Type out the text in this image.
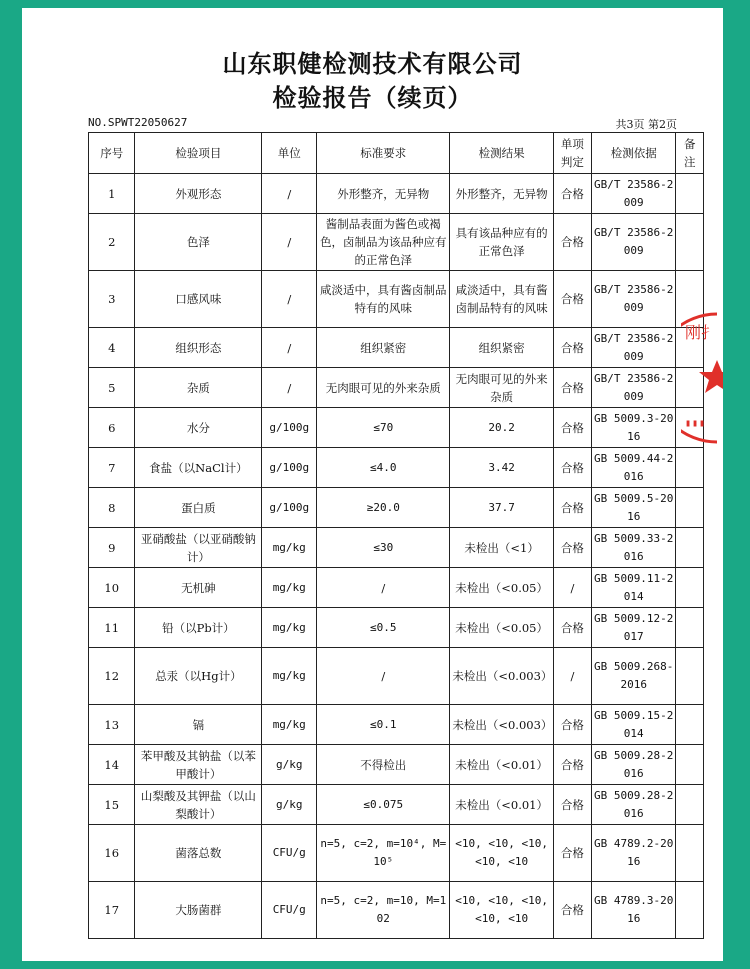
山东职健检测技术有限公司
检验报告（续页）
NO.SPWT22050627	共3页 第2页
序号	检验项目	单位	标准要求	检测结果	单项判定	检测依据	备注
1	外观形态	/	外形整齐，无异物	外形整齐，无异物	合格	GB/T 23586-2009	
2	色泽	/	酱制品表面为酱色或褐色，卤制品为该品种应有的正常色泽	具有该品种应有的正常色泽	合格	GB/T 23586-2009	
3	口感风味	/	咸淡适中，具有酱卤制品特有的风味	咸淡适中，具有酱卤制品特有的风味	合格	GB/T 23586-2009	
4	组织形态	/	组织紧密	组织紧密	合格	GB/T 23586-2009	
5	杂质	/	无肉眼可见的外来杂质	无肉眼可见的外来杂质	合格	GB/T 23586-2009	
6	水分	g/100g	≤70	20.2	合格	GB 5009.3-2016	
7	食盐（以NaCl计）	g/100g	≤4.0	3.42	合格	GB 5009.44-2016	
8	蛋白质	g/100g	≥20.0	37.7	合格	GB 5009.5-2016	
9	亚硝酸盐（以亚硝酸钠计）	mg/kg	≤30	未检出（<1）	合格	GB 5009.33-2016	
10	无机砷	mg/kg	/	未检出（<0.05）	/	GB 5009.11-2014	
11	铅（以Pb计）	mg/kg	≤0.5	未检出（<0.05）	合格	GB 5009.12-2017	
12	总汞（以Hg计）	mg/kg	/	未检出（<0.003）	/	GB 5009.268-2016	
13	镉	mg/kg	≤0.1	未检出（<0.003）	合格	GB 5009.15-2014	
14	苯甲酸及其钠盐（以苯甲酸计）	g/kg	不得检出	未检出（<0.01）	合格	GB 5009.28-2016	
15	山梨酸及其钾盐（以山梨酸计）	g/kg	≤0.075	未检出（<0.01）	合格	GB 5009.28-2016	
16	菌落总数	CFU/g	n=5, c=2, m=10⁴, M=10⁵	<10, <10, <10, <10, <10	合格	GB 4789.2-2016	
17	大肠菌群	CFU/g	n=5, c=2, m=10, M=102	<10, <10, <10, <10, <10	合格	GB 4789.3-2016	
刚扌
▮▮▮
